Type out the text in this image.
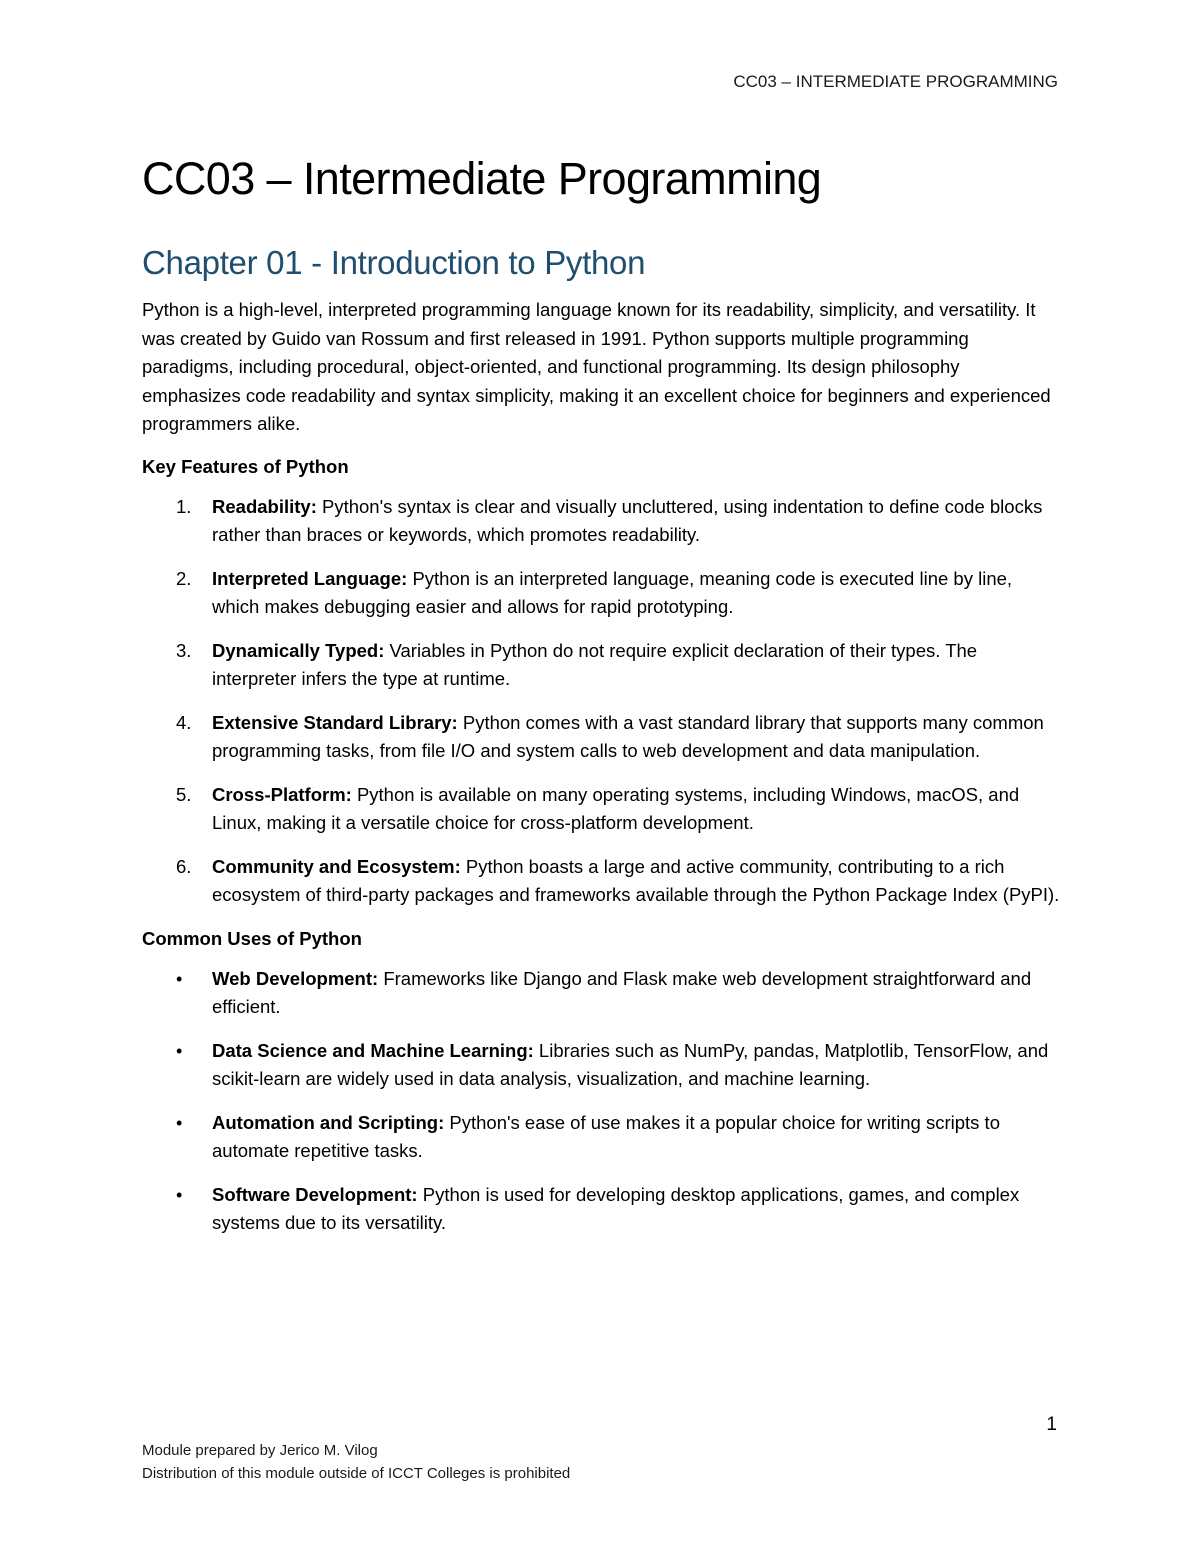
CC03 – INTERMEDIATE PROGRAMMING
CC03 – Intermediate Programming
Chapter 01 - Introduction to Python

Python is a high-level, interpreted programming language known for its readability, simplicity, and versatility. It was created by Guido van Rossum and first released in 1991. Python supports multiple programming paradigms, including procedural, object-oriented, and functional programming. Its design philosophy emphasizes code readability and syntax simplicity, making it an excellent choice for beginners and experienced programmers alike.

Key Features of Python
1. Readability: Python's syntax is clear and visually uncluttered, using indentation to define code blocks rather than braces or keywords, which promotes readability.
2. Interpreted Language: Python is an interpreted language, meaning code is executed line by line, which makes debugging easier and allows for rapid prototyping.
3. Dynamically Typed: Variables in Python do not require explicit declaration of their types. The interpreter infers the type at runtime.
4. Extensive Standard Library: Python comes with a vast standard library that supports many common programming tasks, from file I/O and system calls to web development and data manipulation.
5. Cross-Platform: Python is available on many operating systems, including Windows, macOS, and Linux, making it a versatile choice for cross-platform development.
6. Community and Ecosystem: Python boasts a large and active community, contributing to a rich ecosystem of third-party packages and frameworks available through the Python Package Index (PyPI).
Common Uses of Python
• Web Development: Frameworks like Django and Flask make web development straightforward and efficient.
• Data Science and Machine Learning: Libraries such as NumPy, pandas, Matplotlib, TensorFlow, and scikit-learn are widely used in data analysis, visualization, and machine learning.
• Automation and Scripting: Python's ease of use makes it a popular choice for writing scripts to automate repetitive tasks.
• Software Development: Python is used for developing desktop applications, games, and complex systems due to its versatility.
1
Module prepared by Jerico M. Vilog
Distribution of this module outside of ICCT Colleges is prohibited
